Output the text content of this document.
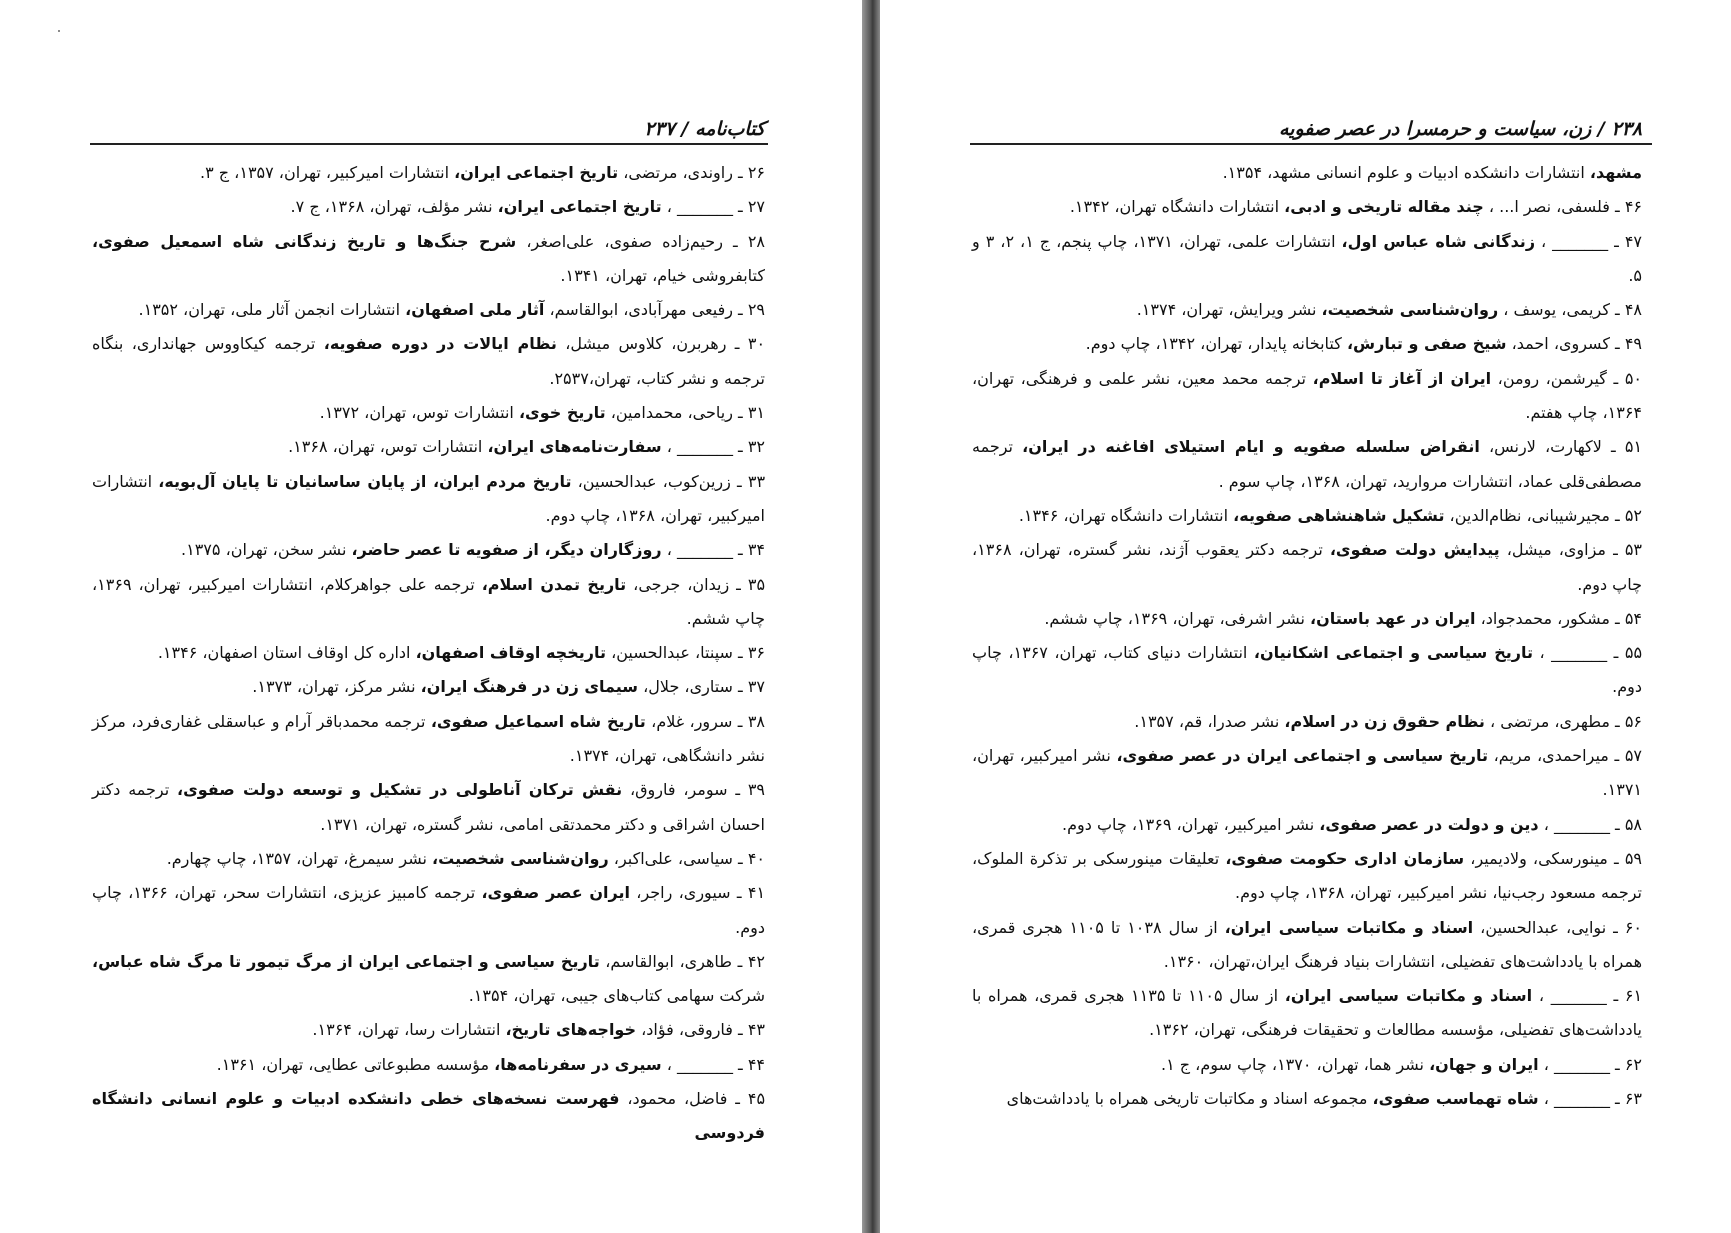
کتاب‌نامه / ۲۳۷

۲۶ ـ راوندی، مرتضی، تاریخ اجتماعی ایران، انتشارات امیرکبیر، تهران، ۱۳۵۷، ج ۳.

۲۷ ـ _______ ، تاریخ اجتماعی ایران، نشر مؤلف، تهران، ۱۳۶۸، ج ۷.

۲۸ ـ رحیم‌زاده صفوی، علی‌اصغر، شرح جنگ‌ها و تاریخ زندگانی شاه اسمعیل صفوی، کتابفروشی خیام، تهران، ۱۳۴۱.

۲۹ ـ رفیعی مهرآبادی، ابوالقاسم، آثار ملی اصفهان، انتشارات انجمن آثار ملی، تهران، ۱۳۵۲.

۳۰ ـ رهربرن، کلاوس میشل، نظام ایالات در دوره صفویه، ترجمه کیکاووس جهانداری، بنگاه ترجمه و نشر کتاب، تهران،۲۵۳۷.

۳۱ ـ ریاحی، محمدامین، تاریخ خوی، انتشارات توس، تهران، ۱۳۷۲.

۳۲ ـ _______ ، سفارت‌نامه‌های ایران، انتشارات توس، تهران، ۱۳۶۸.

۳۳ ـ زرین‌کوب، عبدالحسین، تاریخ مردم ایران، از پایان ساسانیان تا پایان آل‌بویه، انتشارات امیرکبیر، تهران، ۱۳۶۸، چاپ دوم.

۳۴ ـ _______ ، روزگاران دیگر، از صفویه تا عصر حاضر، نشر سخن، تهران، ۱۳۷۵.

۳۵ ـ زیدان، جرجی، تاریخ تمدن اسلام، ترجمه علی جواهرکلام، انتشارات امیرکبیر، تهران، ۱۳۶۹، چاپ ششم.

۳۶ ـ سپنتا، عبدالحسین، تاریخچه اوقاف اصفهان، اداره کل اوقاف استان اصفهان، ۱۳۴۶.

۳۷ ـ ستاری، جلال، سیمای زن در فرهنگ ایران، نشر مرکز، تهران، ۱۳۷۳.

۳۸ ـ سرور، غلام، تاریخ شاه اسماعیل صفوی، ترجمه محمدباقر آرام و عباسقلی غفاری‌فرد، مرکز نشر دانشگاهی، تهران، ۱۳۷۴.

۳۹ ـ سومر، فاروق، نقش ترکان آناطولی در تشکیل و توسعه دولت صفوی، ترجمه دکتر احسان اشراقی و دکتر محمدتقی امامی، نشر گستره، تهران، ۱۳۷۱.

۴۰ ـ سیاسی، علی‌اکبر، روان‌شناسی شخصیت، نشر سیمرغ، تهران، ۱۳۵۷، چاپ چهارم.

۴۱ ـ سیوری، راجر، ایران عصر صفوی، ترجمه کامبیز عزیزی، انتشارات سحر، تهران، ۱۳۶۶، چاپ دوم.

۴۲ ـ طاهری، ابوالقاسم، تاریخ سیاسی و اجتماعی ایران از مرگ تیمور تا مرگ شاه عباس، شرکت سهامی کتاب‌های جیبی، تهران، ۱۳۵۴.

۴۳ ـ فاروقی، فؤاد، خواجه‌های تاریخ، انتشارات رسا، تهران، ۱۳۶۴.

۴۴ ـ _______ ، سیری در سفرنامه‌ها، مؤسسه مطبوعاتی عطایی، تهران، ۱۳۶۱.

۴۵ ـ فاضل، محمود، فهرست نسخه‌های خطی دانشکده ادبیات و علوم انسانی دانشگاه فردوسی

۲۳۸ / زن، سیاست و حرمسرا در عصر صفویه

مشهد، انتشارات دانشکده ادبیات و علوم انسانی مشهد، ۱۳۵۴.

۴۶ ـ فلسفی، نصر ا... ، چند مقاله تاریخی و ادبی، انتشارات دانشگاه تهران، ۱۳۴۲.

۴۷ ـ _______ ، زندگانی شاه عباس اول، انتشارات علمی، تهران، ۱۳۷۱، چاپ پنجم، ج ۱، ۲، ۳ و ۵.

۴۸ ـ کریمی، یوسف ، روان‌شناسی شخصیت، نشر ویرایش، تهران، ۱۳۷۴.

۴۹ ـ کسروی، احمد، شیخ صفی و تبارش، کتابخانه پایدار، تهران، ۱۳۴۲، چاپ دوم.

۵۰ ـ گیرشمن، رومن، ایران از آغاز تا اسلام، ترجمه محمد معین، نشر علمی و فرهنگی، تهران، ۱۳۶۴، چاپ هفتم.

۵۱ ـ لاکهارت، لارنس، انقراض سلسله صفویه و ایام استیلای افاغنه در ایران، ترجمه مصطفی‌قلی عماد، انتشارات مروارید، تهران، ۱۳۶۸، چاپ سوم .

۵۲ ـ مجیرشیبانی، نظام‌الدین، تشکیل شاهنشاهی صفویه، انتشارات دانشگاه تهران، ۱۳۴۶.

۵۳ ـ مزاوی، میشل، پیدایش دولت صفوی، ترجمه دکتر یعقوب آژند، نشر گستره، تهران، ۱۳۶۸، چاپ دوم.

۵۴ ـ مشکور، محمدجواد، ایران در عهد باستان، نشر اشرفی، تهران، ۱۳۶۹، چاپ ششم.

۵۵ ـ _______ ، تاریخ سیاسی و اجتماعی اشکانیان، انتشارات دنیای کتاب، تهران، ۱۳۶۷، چاپ دوم.

۵۶ ـ مطهری، مرتضی ، نظام حقوق زن در اسلام، نشر صدرا، قم، ۱۳۵۷.

۵۷ ـ میراحمدی، مریم، تاریخ سیاسی و اجتماعی ایران در عصر صفوی، نشر امیرکبیر، تهران، ۱۳۷۱.

۵۸ ـ _______ ، دین و دولت در عصر صفوی، نشر امیرکبیر، تهران، ۱۳۶۹، چاپ دوم.

۵۹ ـ مینورسکی، ولادیمیر، سازمان اداری حکومت صفوی، تعلیقات مینورسکی بر تذکرة الملوک، ترجمه مسعود رجب‌نیا، نشر امیرکبیر، تهران، ۱۳۶۸، چاپ دوم.

۶۰ ـ نوایی، عبدالحسین، اسناد و مکاتبات سیاسی ایران، از سال ۱۰۳۸ تا ۱۱۰۵ هجری قمری، همراه با یادداشت‌های تفضیلی، انتشارات بنیاد فرهنگ ایران،تهران، ۱۳۶۰.

۶۱ ـ _______ ، اسناد و مکاتبات سیاسی ایران، از سال ۱۱۰۵ تا ۱۱۳۵ هجری قمری، همراه با یادداشت‌های تفضیلی، مؤسسه مطالعات و تحقیقات فرهنگی، تهران، ۱۳۶۲.

۶۲ ـ _______ ، ایران و جهان، نشر هما، تهران، ۱۳۷۰، چاپ سوم، ج ۱.

۶۳ ـ _______ ، شاه تهماسب صفوی، مجموعه اسناد و مکاتبات تاریخی همراه با یادداشت‌های
